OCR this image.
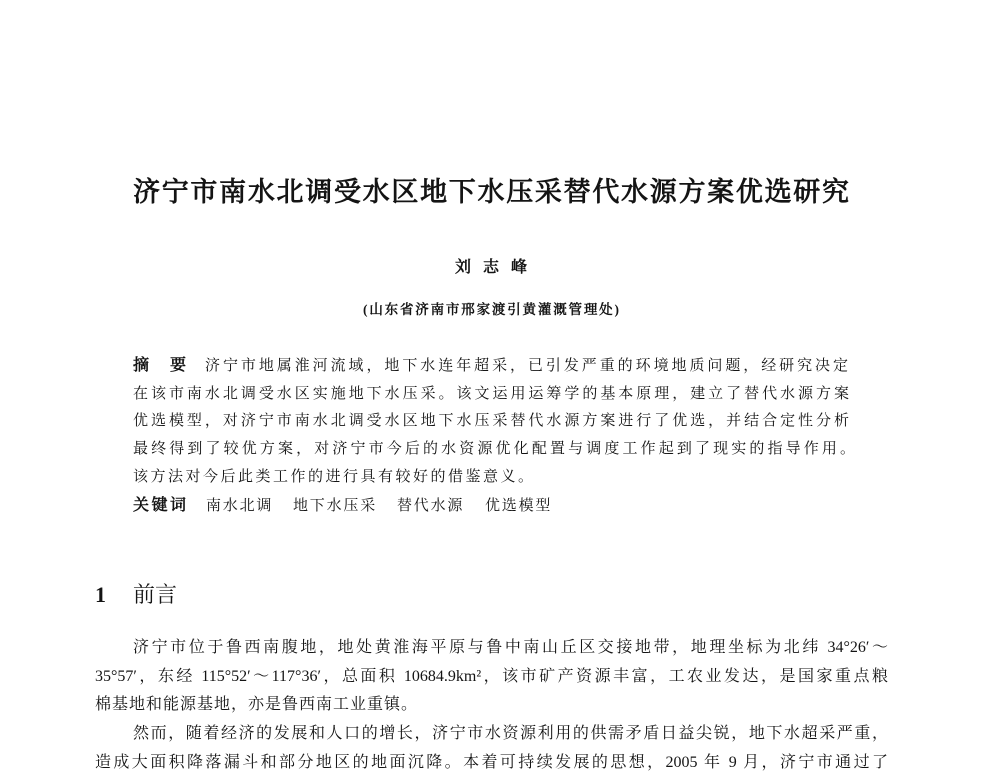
济宁市南水北调受水区地下水压采替代水源方案优选研究
刘志峰
(山东省济南市邢家渡引黄灌溉管理处)
摘　要 济宁市地属淮河流域，地下水连年超采，已引发严重的环境地质问题，经研究决定
在该市南水北调受水区实施地下水压采。该文运用运筹学的基本原理，建立了替代水源方案
优选模型，对济宁市南水北调受水区地下水压采替代水源方案进行了优选，并结合定性分析
最终得到了较优方案，对济宁市今后的水资源优化配置与调度工作起到了现实的指导作用。
该方法对今后此类工作的进行具有较好的借鉴意义。
关键词 南水北调 地下水压采 替代水源 优选模型
1 前言
济宁市位于鲁西南腹地，地处黄淮海平原与鲁中南山丘区交接地带，地理坐标为北纬 34°26′～
35°57′，东经 115°52′～117°36′，总面积 10684.9km²，该市矿产资源丰富，工农业发达，是国家重点粮
棉基地和能源基地，亦是鲁西南工业重镇。
然而，随着经济的发展和人口的增长，济宁市水资源利用的供需矛盾日益尖锐，地下水超采严重，
造成大面积降落漏斗和部分地区的地面沉降。本着可持续发展的思想，2005 年 9 月，济宁市通过了
